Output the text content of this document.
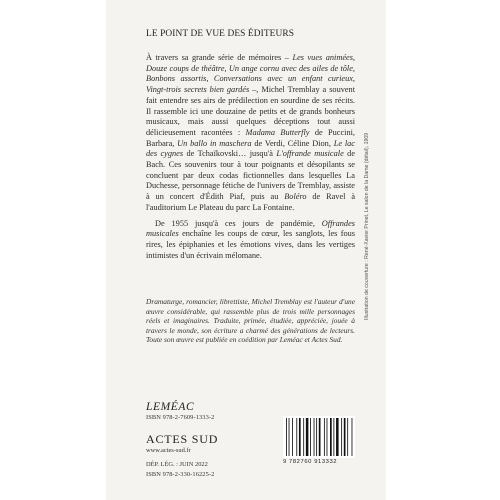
LE POINT DE VUE DES ÉDITEURS

À travers sa grande série de mémoires – Les vues animées, Douze coups de théâtre, Un ange cornu avec des ailes de tôle, Bonbons assortis, Conversations avec un enfant curieux, Vingt-trois secrets bien gardés –, Michel Tremblay a souvent fait entendre ses airs de prédilection en sourdine de ses récits. Il rassemble ici une douzaine de petits et de grands bonheurs musicaux, mais aussi quelques déceptions tout aussi délicieusement racontées : Madama Butterfly de Puccini, Barbara, Un ballo in maschera de Verdi, Céline Dion, Le lac des cygnes de Tchaïkovski… jusqu'à L'offrande musicale de Bach. Ces souvenirs tour à tour poignants et désopilants se concluent par deux codas fictionnelles dans lesquelles La Duchesse, personnage fétiche de l'univers de Tremblay, assiste à un concert d'Édith Piaf, puis au Boléro de Ravel à l'auditorium Le Plateau du parc La Fontaine.

De 1955 jusqu'à ces jours de pandémie, Offrandes musicales enchaîne les coups de cœur, les sanglots, les fous rires, les épiphanies et les émotions vives, dans les vertiges intimistes d'un écrivain mélomane.

Dramaturge, romancier, librettiste, Michel Tremblay est l'auteur d'une œuvre considérable, qui rassemble plus de trois mille personnages réels et imaginaires. Traduite, primée, étudiée, appréciée, jouée à travers le monde, son écriture a charmé des générations de lecteurs. Toute son œuvre est publiée en coédition par Leméac et Actes Sud.
LEMÉAC
ISBN 978-2-7609-1333-2
ACTES SUD
www.actes-sud.fr
DÉP. LÉG. : JUIN 2022
ISBN 978-2-330-16225-2
Illustration de couverture : René-Xavier Prinet, Le salon de la Dame (détail), 1909
9 782760 913332
